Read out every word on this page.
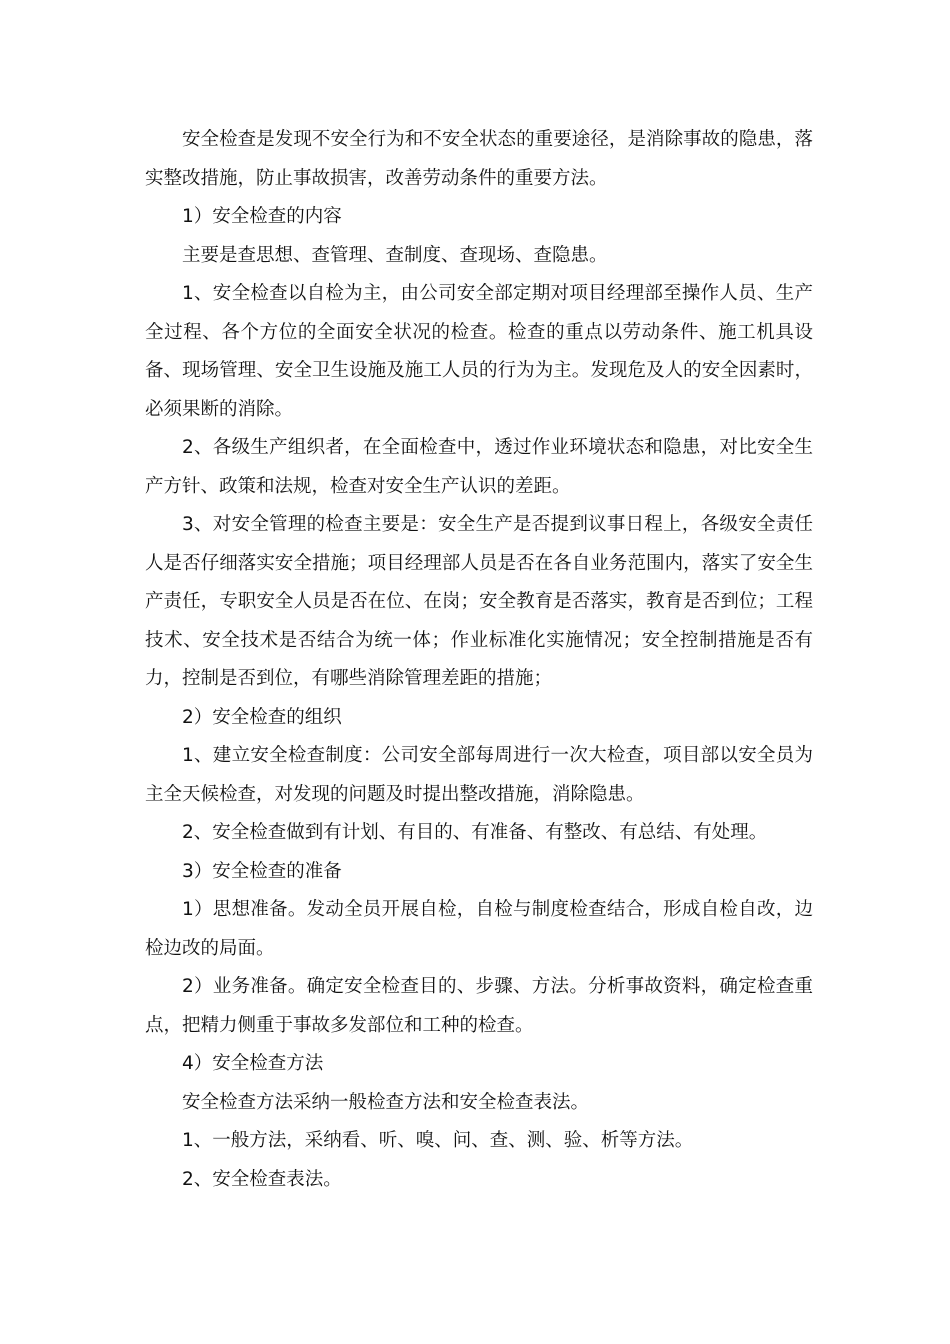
安全检查是发现不安全行为和不安全状态的重要途径，是消除事故的隐患，落实整改措施，防止事故损害，改善劳动条件的重要方法。

1）安全检查的内容

主要是查思想、查管理、查制度、查现场、查隐患。

1、安全检查以自检为主，由公司安全部定期对项目经理部至操作人员、生产全过程、各个方位的全面安全状况的检查。检查的重点以劳动条件、施工机具设备、现场管理、安全卫生设施及施工人员的行为为主。发现危及人的安全因素时，必须果断的消除。

2、各级生产组织者，在全面检查中，透过作业环境状态和隐患，对比安全生产方针、政策和法规，检查对安全生产认识的差距。

3、对安全管理的检查主要是：安全生产是否提到议事日程上，各级安全责任人是否仔细落实安全措施；项目经理部人员是否在各自业务范围内，落实了安全生产责任，专职安全人员是否在位、在岗；安全教育是否落实，教育是否到位；工程技术、安全技术是否结合为统一体；作业标准化实施情况；安全控制措施是否有力，控制是否到位，有哪些消除管理差距的措施；

2）安全检查的组织

1、建立安全检查制度：公司安全部每周进行一次大检查，项目部以安全员为主全天候检查，对发现的问题及时提出整改措施，消除隐患。

2、安全检查做到有计划、有目的、有准备、有整改、有总结、有处理。

3）安全检查的准备

1）思想准备。发动全员开展自检，自检与制度检查结合，形成自检自改，边检边改的局面。

2）业务准备。确定安全检查目的、步骤、方法。分析事故资料，确定检查重点，把精力侧重于事故多发部位和工种的检查。

4）安全检查方法

安全检查方法采纳一般检查方法和安全检查表法。

1、一般方法，采纳看、听、嗅、问、查、测、验、析等方法。

2、安全检查表法。
